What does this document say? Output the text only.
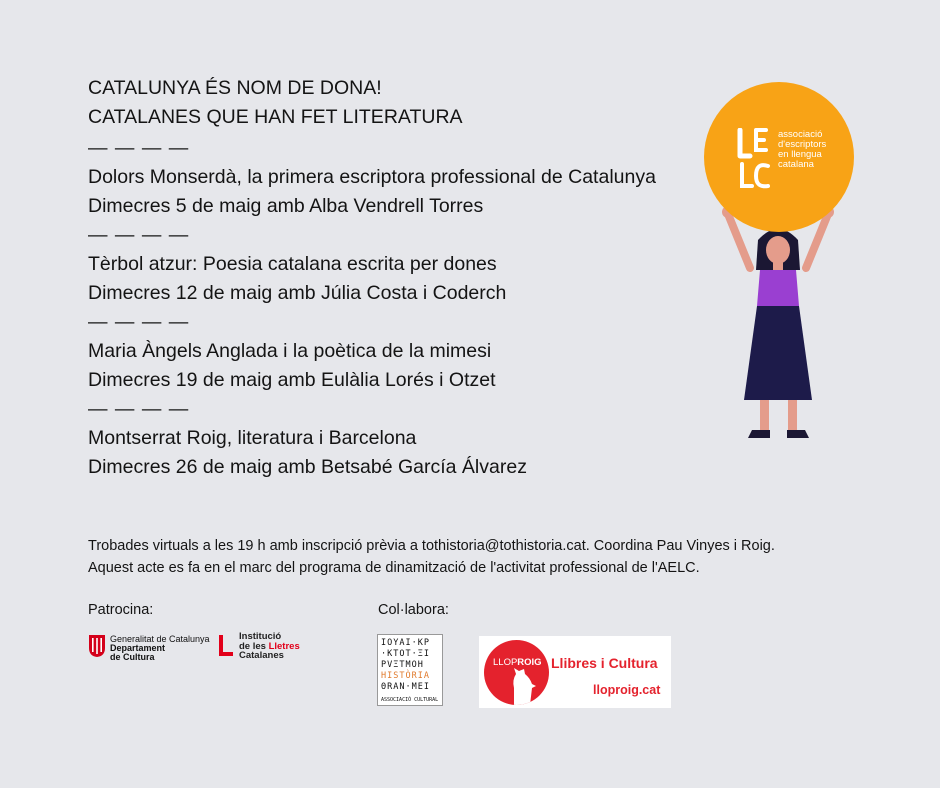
CATALUNYA ÉS NOM DE DONA!
CATALANES QUE HAN FET LITERATURA
— — — —
Dolors Monserdà, la primera escriptora professional de Catalunya
Dimecres 5 de maig amb Alba Vendrell Torres
— — — —
Tèrbol atzur: Poesia catalana escrita per dones
Dimecres 12 de maig amb Júlia Costa i Coderch
— — — —
Maria Àngels Anglada i la poètica de la mimesi
Dimecres 19 de maig amb Eulàlia Lorés i Otzet
— — — —
Montserrat Roig, literatura i Barcelona
Dimecres 26 de maig amb Betsabé García Álvarez
associació
d'escriptors
en llengua
catalana
Trobades virtuals a les 19 h amb inscripció prèvia a tothistoria@tothistoria.cat. Coordina Pau Vinyes i Roig.
Aquest acte es fa en el marc del programa de dinamització de l'activitat professional de l'AELC.
Patrocina:	Col·labora:
Generalitat de Catalunya
Departament
de Cultura
Institució
de les Lletres
Catalanes
ΙΟΥΑΙ·ΚΡ
·ΚΤΟΤ·ΞΙ
ΡVΞΤΜΟΗ
HISTÒRIA
ΘRAN·MEI
ASSOCIACIÓ CULTURAL
LLOPROIG Llibres i Cultura
lloproig.cat
